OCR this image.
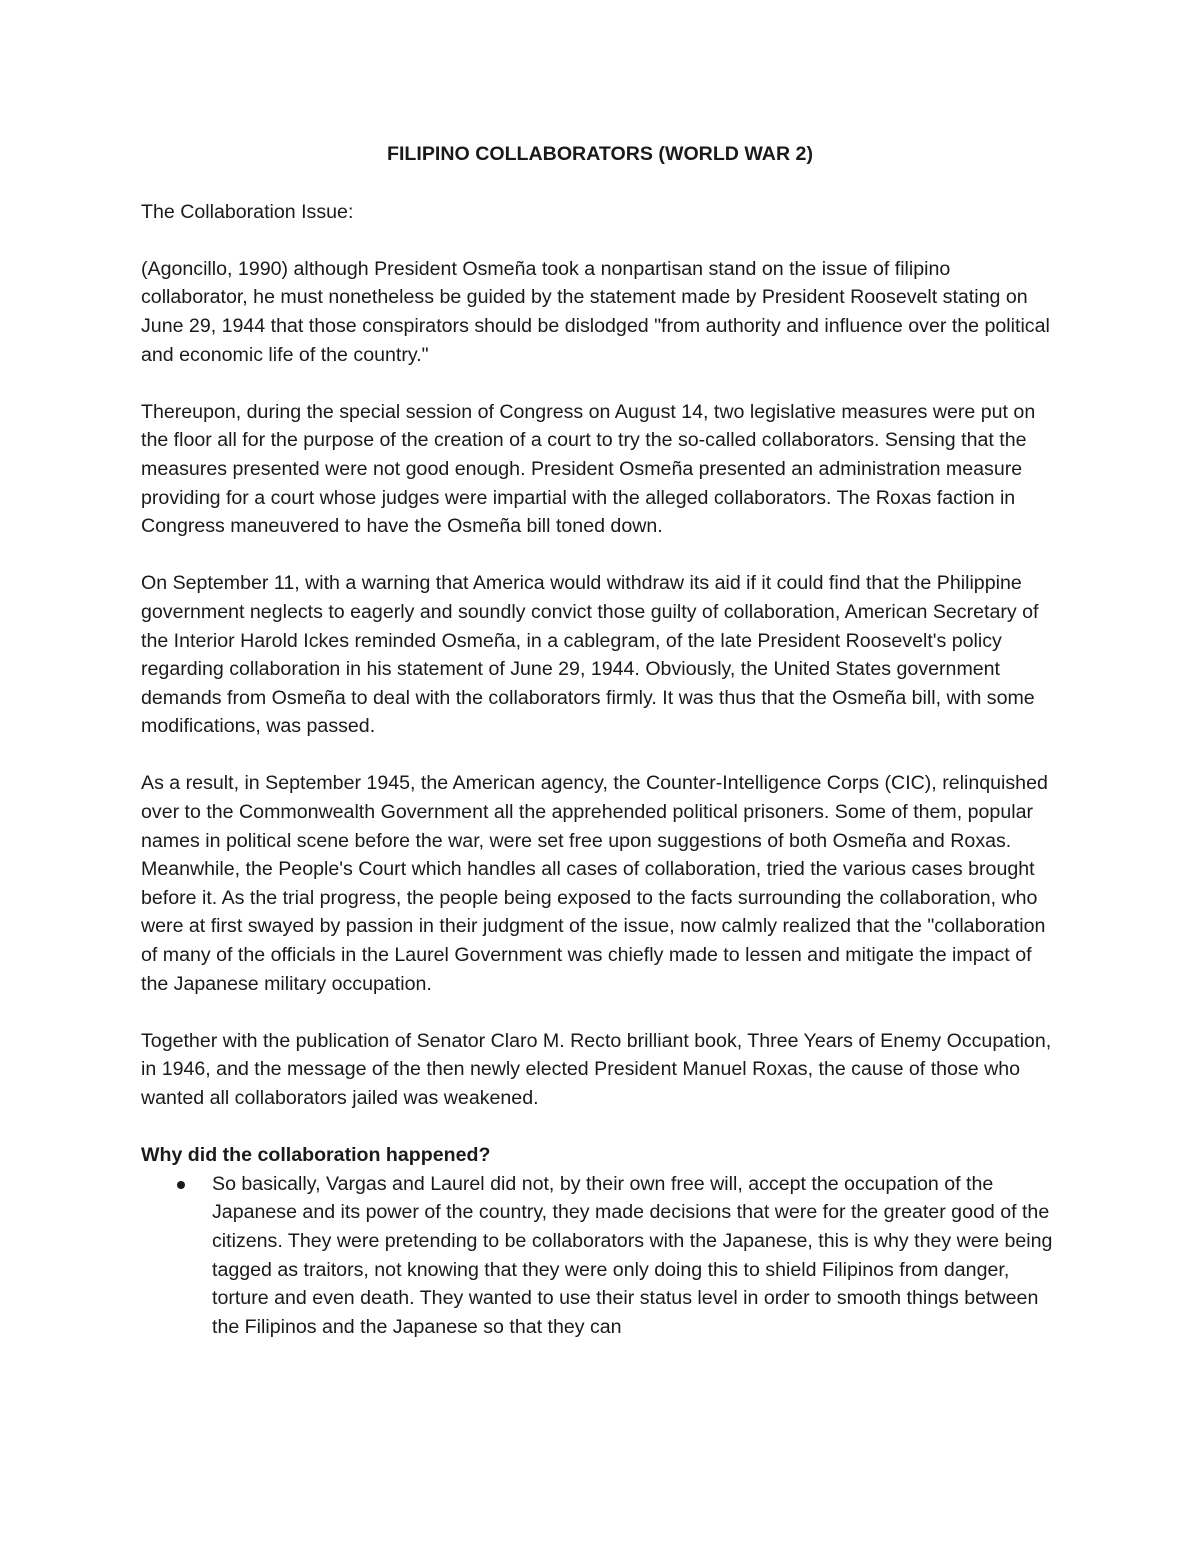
FILIPINO COLLABORATORS (WORLD WAR 2)
The Collaboration Issue:
(Agoncillo, 1990) although President Osmeña took a nonpartisan stand on the issue of filipino collaborator, he must nonetheless be guided by the statement made by President Roosevelt stating on June 29, 1944 that those conspirators should be dislodged "from authority and influence over the political and economic life of the country."
Thereupon, during the special session of Congress on August 14, two legislative measures were put on the floor all for the purpose of the creation of a court to try the so-called collaborators. Sensing that the measures presented were not good enough. President Osmeña presented an administration measure providing for a court whose judges were impartial with the alleged collaborators. The Roxas faction in Congress maneuvered to have the Osmeña bill toned down.
On September 11, with a warning that America would withdraw its aid if it could find that the Philippine government neglects to eagerly and soundly convict those guilty of collaboration, American Secretary of the Interior Harold Ickes reminded Osmeña, in a cablegram, of the late President Roosevelt's policy regarding collaboration in his statement of June 29, 1944. Obviously, the United States government demands from Osmeña to deal with the collaborators firmly. It was thus that the Osmeña bill, with some modifications, was passed.
As a result, in September 1945, the American agency, the Counter-Intelligence Corps (CIC), relinquished over to the Commonwealth Government all the apprehended political prisoners. Some of them, popular names in political scene before the war, were set free upon suggestions of both Osmeña and Roxas. Meanwhile, the People's Court which handles all cases of collaboration, tried the various cases brought before it. As the trial progress, the people being exposed to the facts surrounding the collaboration, who were at first swayed by passion in their judgment of the issue, now calmly realized that the "collaboration of many of the officials in the Laurel Government was chiefly made to lessen and mitigate the impact of the Japanese military occupation.
Together with the publication of Senator Claro M. Recto brilliant book, Three Years of Enemy Occupation, in 1946, and the message of the then newly elected President Manuel Roxas, the cause of those who wanted all collaborators jailed was weakened.
Why did the collaboration happened?
So basically, Vargas and Laurel did not, by their own free will, accept the occupation of the Japanese and its power of the country, they made decisions that were for the greater good of the citizens. They were pretending to be collaborators with the Japanese, this is why they were being tagged as traitors, not knowing that they were only doing this to shield Filipinos from danger, torture and even death. They wanted to use their status level in order to smooth things between the Filipinos and the Japanese so that they can
